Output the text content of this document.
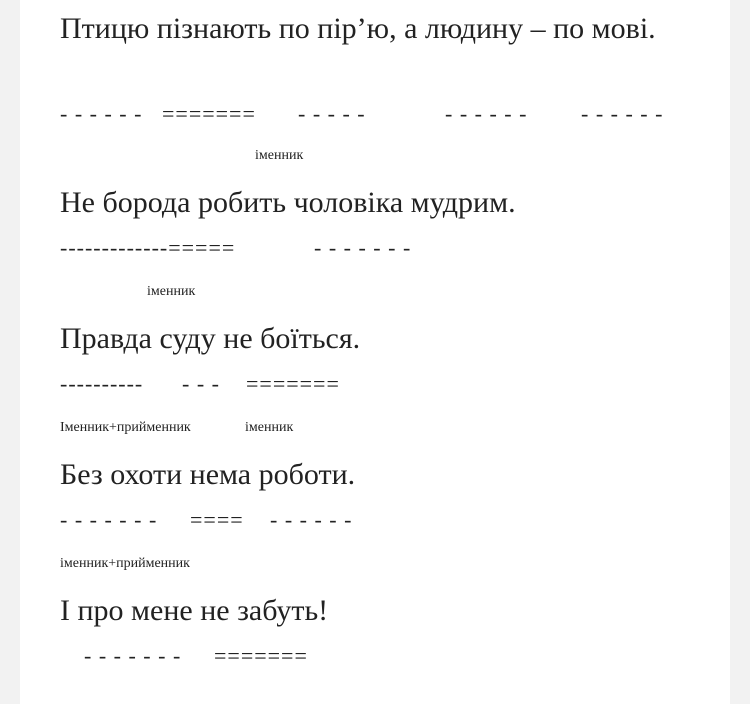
Птицю пізнають по пір’ю, а людину – по мові.
- - - - - - ======= - - - - -	- - - - - - - - - - - -
іменник
Не борода робить чоловіка мудрим.
-------------=====	- - - - - - -
іменник
Правда суду не боїться.
---------- - - - =======
Іменник+прийменник	іменник
Без охоти нема роботи.
- - - - - - - ==== - - - - - -
іменник+прийменник
І про мене не забуть!
- - - - - - - =======
